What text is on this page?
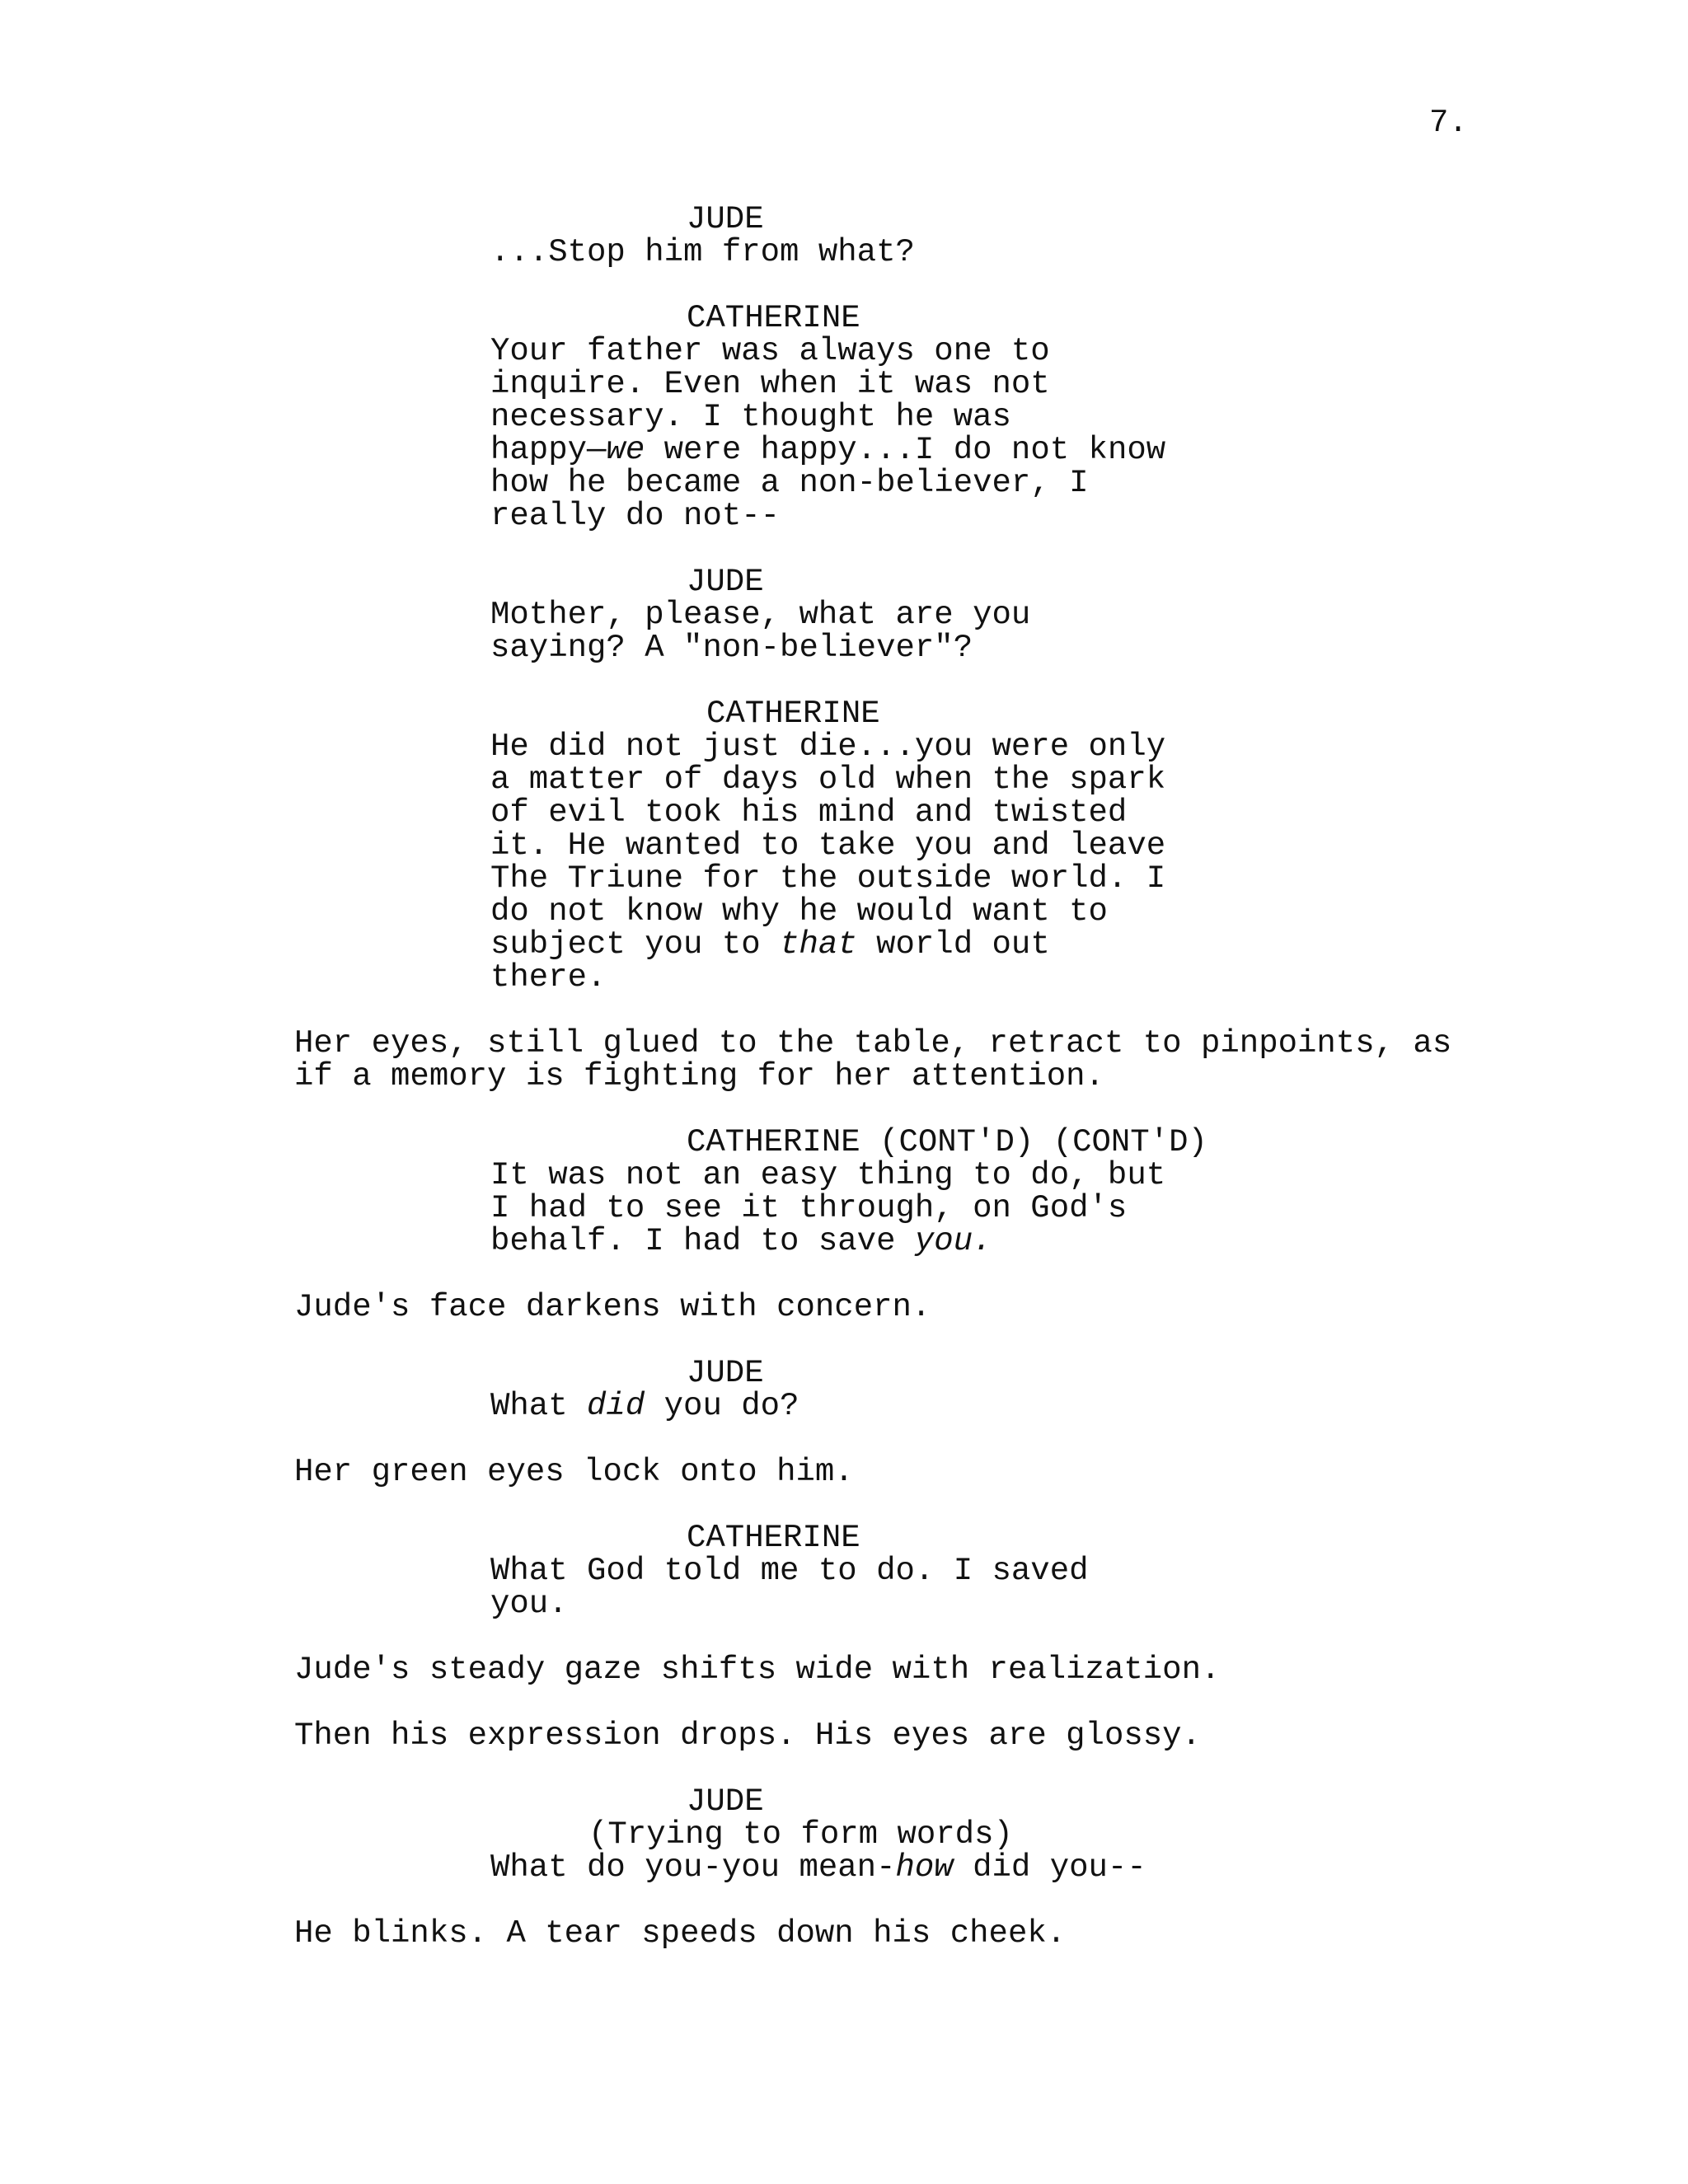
7.
JUDE
...Stop him from what?
CATHERINE
Your father was always one to
inquire. Even when it was not
necessary. I thought he was
happy—we were happy...I do not know
how he became a non-believer, I
really do not--
JUDE
Mother, please, what are you
saying? A "non-believer"?
CATHERINE
He did not just die...you were only
a matter of days old when the spark
of evil took his mind and twisted
it. He wanted to take you and leave
The Triune for the outside world. I
do not know why he would want to
subject you to that world out
there.
Her eyes, still glued to the table, retract to pinpoints, as
if a memory is fighting for her attention.
CATHERINE (CONT'D) (CONT'D)
It was not an easy thing to do, but
I had to see it through, on God's
behalf. I had to save you.
Jude's face darkens with concern.
JUDE
What did you do?
Her green eyes lock onto him.
CATHERINE
What God told me to do. I saved
you.
Jude's steady gaze shifts wide with realization.
Then his expression drops. His eyes are glossy.
JUDE
(Trying to form words)
What do you-you mean-how did you--
He blinks. A tear speeds down his cheek.
